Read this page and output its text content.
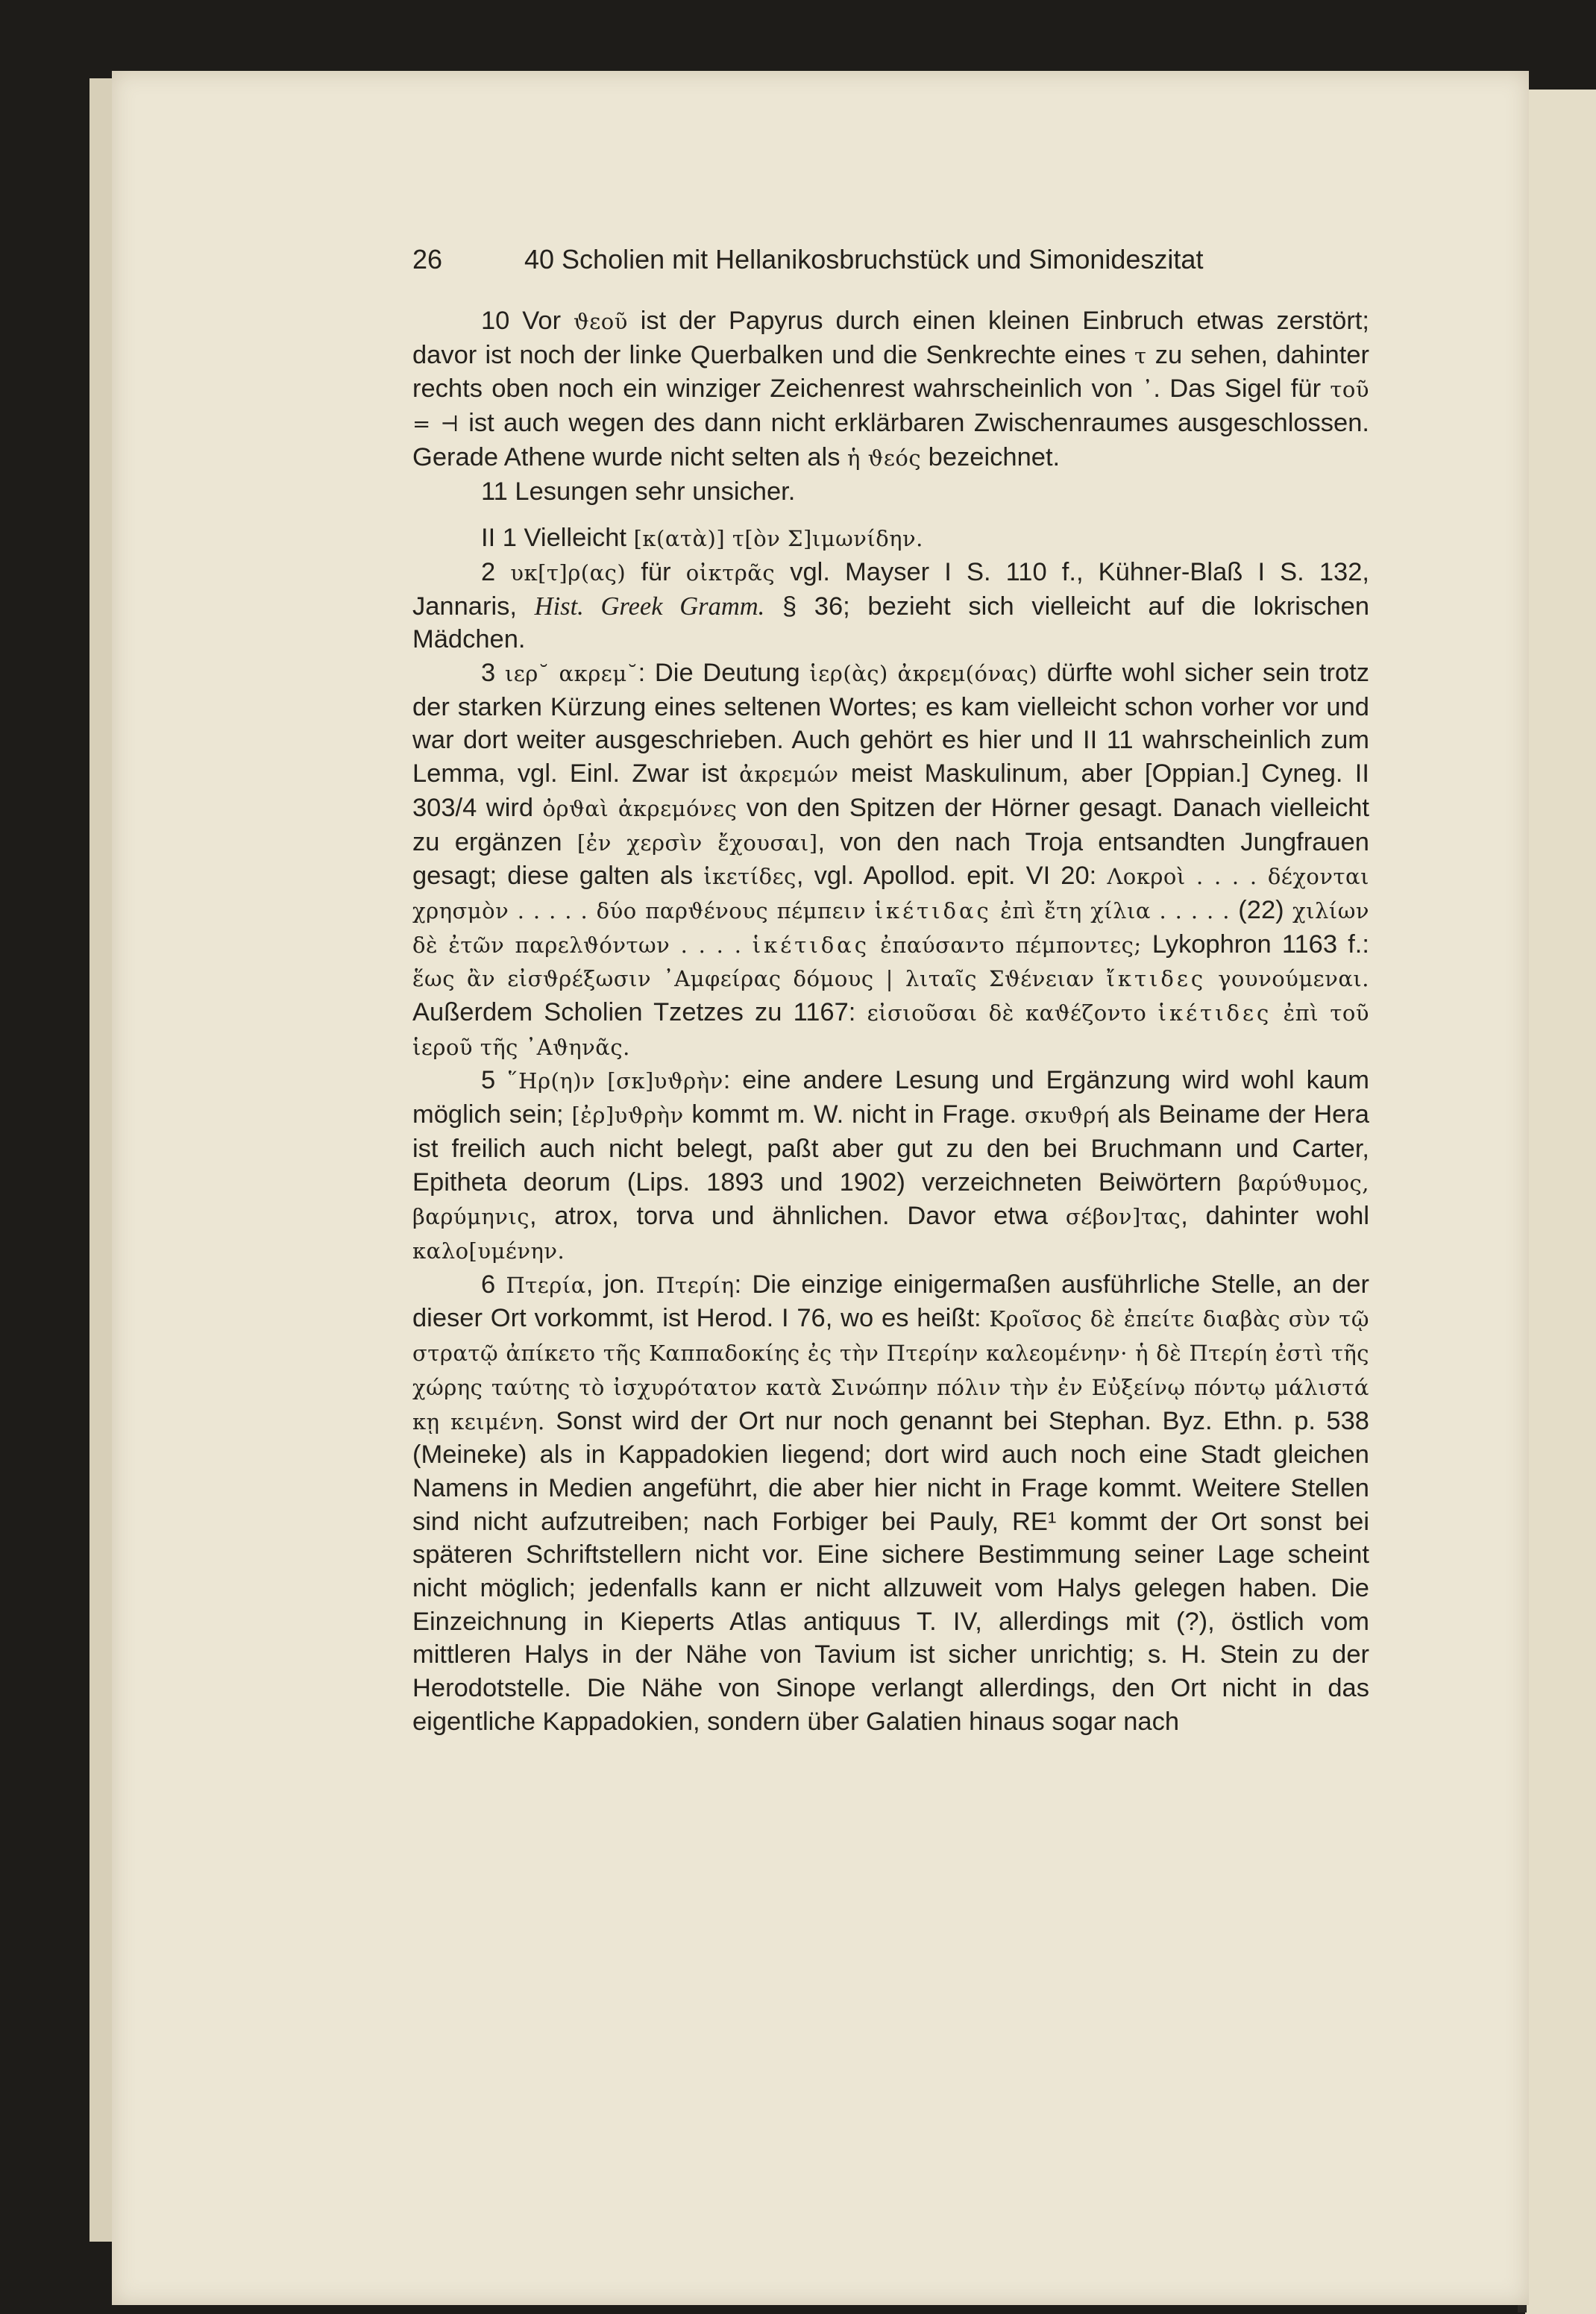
26	40 Scholien mit Hellanikosbruchstück und Simonideszitat

10 Vor ϑεοῦ ist der Papyrus durch einen kleinen Einbruch etwas zerstört; davor ist noch der linke Querbalken und die Senkrechte eines τ zu sehen, dahinter rechts oben noch ein winziger Zeichenrest wahrscheinlich von ᾿. Das Sigel für τοῦ = ⊣ ist auch wegen des dann nicht erklärbaren Zwischenraumes ausgeschlossen. Gerade Athene wurde nicht selten als ἡ ϑεός bezeichnet.

11 Lesungen sehr unsicher.

II 1 Vielleicht [κ(ατὰ)] τ[ὸν Σ]ιμωνίδην.

2 υκ[τ]ρ(ας) für οἰκτρᾶς vgl. Mayser I S. 110 f., Kühner-Blaß I S. 132, Jannaris, Hist. Greek Gramm. § 36; bezieht sich vielleicht auf die lokrischen Mädchen.

3 ιερ˘ ακρεμ˘: Die Deutung ἱερ(ὰς) ἀκρεμ(όνας) dürfte wohl sicher sein trotz der starken Kürzung eines seltenen Wortes; es kam vielleicht schon vorher vor und war dort weiter ausgeschrieben. Auch gehört es hier und II 11 wahrscheinlich zum Lemma, vgl. Einl. Zwar ist ἀκρεμών meist Maskulinum, aber [Oppian.] Cyneg. II 303/4 wird ὀρϑαὶ ἀκρεμόνες von den Spitzen der Hörner gesagt. Danach vielleicht zu ergänzen [ἐν χερσὶν ἔχουσαι], von den nach Troja entsandten Jungfrauen gesagt; diese galten als ἱκετίδες, vgl. Apollod. epit. VI 20: Λοκροὶ . . . . δέχονται χρησμὸν . . . . . δύο παρϑένους πέμπειν ἱκέτιδας ἐπὶ ἔτη χίλια . . . . . (22) χιλίων δὲ ἐτῶν παρελϑόντων . . . . ἱκέτιδας ἐπαύσαντο πέμποντες; Lykophron 1163 f.: ἕως ἂν εἰσϑρέξωσιν ᾿Αμφείρας δόμους | λιταῖς Σϑένειαν ἴκτιδες γουνούμεναι. Außerdem Scholien Tzetzes zu 1167: εἰσιοῦσαι δὲ καϑέζοντο ἱκέτιδες ἐπὶ τοῦ ἱεροῦ τῆς ᾿Αϑηνᾶς.

5 ῞Ηρ(η)ν [σκ]υϑρὴν: eine andere Lesung und Ergänzung wird wohl kaum möglich sein; [ἐρ]υϑρὴν kommt m. W. nicht in Frage. σκυϑρή als Beiname der Hera ist freilich auch nicht belegt, paßt aber gut zu den bei Bruchmann und Carter, Epitheta deorum (Lips. 1893 und 1902) verzeichneten Beiwörtern βαρύϑυμος, βαρύμηνις, atrox, torva und ähnlichen. Davor etwa σέβον]τας, dahinter wohl καλο[υμένην.

6 Πτερία, jon. Πτερίη: Die einzige einigermaßen ausführliche Stelle, an der dieser Ort vorkommt, ist Herod. I 76, wo es heißt: Κροῖσος δὲ ἐπείτε διαβὰς σὺν τῷ στρατῷ ἀπίκετο τῆς Καππαδοκίης ἐς τὴν Πτερίην καλεομένην· ἡ δὲ Πτερίη ἐστὶ τῆς χώρης ταύτης τὸ ἰσχυρότατον κατὰ Σινώπην πόλιν τὴν ἐν Εὐξείνῳ πόντῳ μάλιστά κῃ κειμένη. Sonst wird der Ort nur noch genannt bei Stephan. Byz. Ethn. p. 538 (Meineke) als in Kappadokien liegend; dort wird auch noch eine Stadt gleichen Namens in Medien angeführt, die aber hier nicht in Frage kommt. Weitere Stellen sind nicht aufzutreiben; nach Forbiger bei Pauly, RE¹ kommt der Ort sonst bei späteren Schriftstellern nicht vor. Eine sichere Bestimmung seiner Lage scheint nicht möglich; jedenfalls kann er nicht allzuweit vom Halys gelegen haben. Die Einzeichnung in Kieperts Atlas antiquus T. IV, allerdings mit (?), östlich vom mittleren Halys in der Nähe von Tavium ist sicher unrichtig; s. H. Stein zu der Herodotstelle. Die Nähe von Sinope verlangt allerdings, den Ort nicht in das eigentliche Kappadokien, sondern über Galatien hinaus sogar nach
